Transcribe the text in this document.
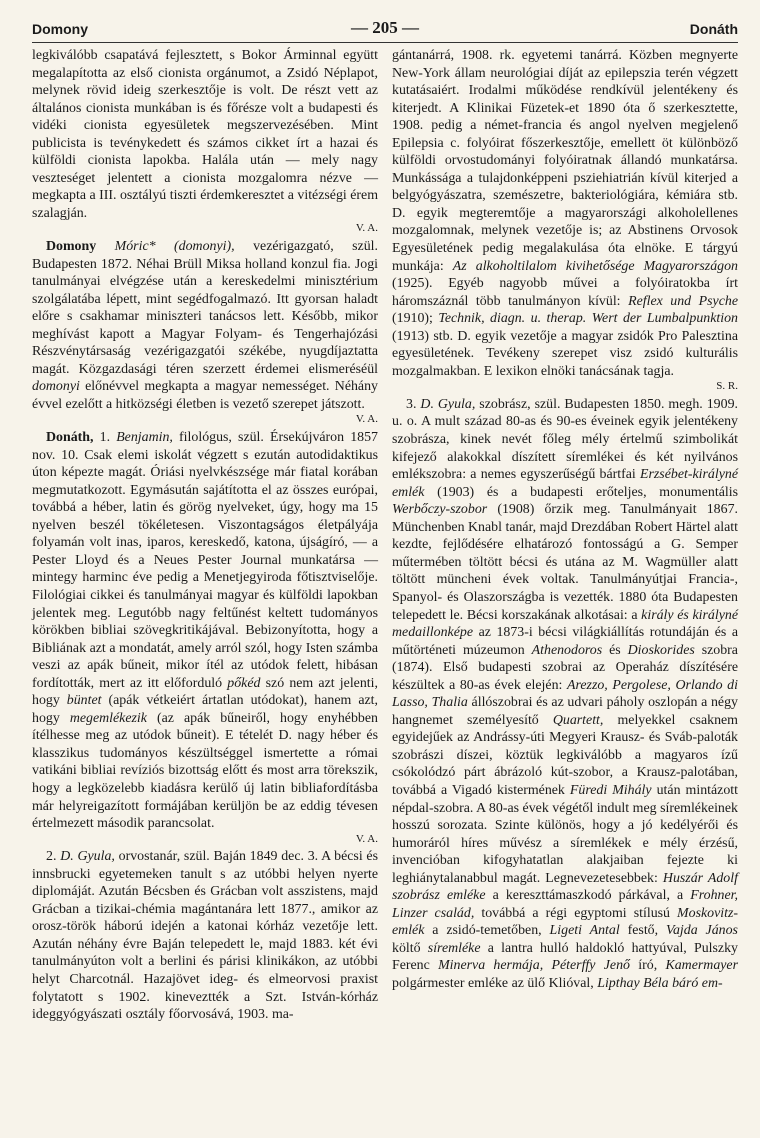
Domony	— 205 —	Donáth

legkiválóbb csapatává fejlesztett, s Bokor Árminnal együtt megalapította az első cionista orgánumot, a Zsidó Néplapot, melynek rövid ideig szerkesztője is volt. De részt vett az általános cionista munkában is és főrésze volt a budapesti és vidéki cionista egyesületek megszervezésében. Mint publicista is tevénykedett és számos cikket írt a hazai és külföldi cionista lapokba. Halála után — mely nagy veszteséget jelentett a cionista mozgalomra nézve — megkapta a III. osztályú tiszti érdemkeresztet a vitézségi érem szalagján.
V. A.

Domony Móric* (domonyi), vezérigazgató, szül. Budapesten 1872. Néhai Brüll Miksa holland konzul fia. Jogi tanulmányai elvégzése után a kereskedelmi minisztérium szolgálatába lépett, mint segédfogalmazó. Itt gyorsan haladt előre s csakhamar miniszteri tanácsos lett. Később, mikor meghívást kapott a Magyar Folyam- és Tengerhajózási Részvénytársaság vezérigazgatói székébe, nyugdíjaztatta magát. Közgazdasági téren szerzett érdemei elismeréséül domonyi előnévvel megkapta a magyar nemességet. Néhány évvel ezelőtt a hitközségi életben is vezető szerepet játszott.
V. A.

Donáth, 1. Benjamin, filológus, szül. Érsekújváron 1857 nov. 10. Csak elemi iskolát végzett s ezután autodidaktikus úton képezte magát. Óriási nyelvkészsége már fiatal korában megmutatkozott. Egymásután sajátította el az összes európai, továbbá a héber, latin és görög nyelveket, úgy, hogy ma 15 nyelven beszél tökéletesen. Viszontagságos életpályája folyamán volt inas, iparos, kereskedő, katona, újságíró, — a Pester Lloyd és a Neues Pester Journal munkatársa — mintegy harminc éve pedig a Menetjegyiroda főtisztviselője. Filológiai cikkei és tanulmányai magyar és külföldi lapokban jelentek meg. Legutóbb nagy feltűnést keltett tudományos körökben bibliai szövegkritikájával. Bebizonyította, hogy a Bibliának azt a mondatát, amely arról szól, hogy Isten számba veszi az apák bűneit, mikor ítél az utódok felett, hibásan fordították, mert az itt előforduló pőkéd szó nem azt jelenti, hogy büntet (apák vétkeiért ártatlan utódokat), hanem azt, hogy megemlékezik (az apák bűneiről, hogy enyhébben ítélhesse meg az utódok bűneit). E tételét D. nagy héber és klasszikus tudományos készültséggel ismertette a római vatikáni bibliai revíziós bizottság előtt és most arra törekszik, hogy a legközelebb kiadásra kerülő új latin bibliafordításba már helyreigazított formájában kerüljön be az eddig tévesen értelmezett második parancsolat.
V. A.

2. D. Gyula, orvostanár, szül. Baján 1849 dec. 3. A bécsi és innsbrucki egyetemeken tanult s az utóbbi helyen nyerte diplomáját. Azután Bécsben és Grácban volt asszistens, majd Grácban a tizikai-chémia magántanára lett 1877., amikor az orosz-török háború idején a katonai kórház vezetője lett. Azután néhány évre Baján telepedett le, majd 1883. két évi tanulmányúton volt a berlini és párisi klinikákon, az utóbbi helyt Charcotnál. Hazajövet ideg- és elmeorvosi praxist folytatott s 1902. kineveztték a Szt. István-kórház ideggyógyászati osztály főorvosává, 1903. ma-

gántanárrá, 1908. rk. egyetemi tanárrá. Közben megnyerte New-York állam neurológiai díját az epilepszia terén végzett kutatásaiért. Irodalmi működése rendkívül jelentékeny és kiterjedt. A Klinikai Füzetek-et 1890 óta ő szerkesztette, 1908. pedig a német-francia és angol nyelven megjelenő Epilepsia c. folyóirat főszerkesztője, emellett öt különböző külföldi orvostudományi folyóiratnak állandó munkatársa. Munkássága a tulajdonképpeni psziehiatrián kívül kiterjed a belgyógyászatra, szemészetre, bakteriológiára, kémiára stb. D. egyik megteremtője a magyarországi alkoholellenes mozgalomnak, melynek vezetője is; az Abstinens Orvosok Egyesületének pedig megalakulása óta elnöke. E tárgyú munkája: Az alkoholtilalom kivihetősége Magyarországon (1925). Egyéb nagyobb művei a folyóiratokba írt háromszáznál több tanulmányon kívül: Reflex und Psyche (1910); Technik, diagn. u. therap. Wert der Lumbalpunktion (1913) stb. D. egyik vezetője a magyar zsidók Pro Palesztina egyesületének. Tevékeny szerepet visz zsidó kulturális mozgalmakban. E lexikon elnöki tanácsának tagja.
S. R.

3. D. Gyula, szobrász, szül. Budapesten 1850. megh. 1909. u. o. A mult század 80-as és 90-es éveinek egyik jelentékeny szobrásza, kinek nevét főleg mély értelmű szimbolikát kifejező alakokkal díszített síremlékei és két nyilvános emlékszobra: a nemes egyszerűségű bártfai Erzsébet-királyné emlék (1903) és a budapesti erőteljes, monumentális Werbőczy-szobor (1908) őrzik meg. Tanulmányait 1867. Münchenben Knabl tanár, majd Drezdában Robert Härtel alatt kezdte, fejlődésére elhatározó fontosságú a G. Semper műtermében töltött bécsi és utána az M. Wagmüller alatt töltött müncheni évek voltak. Tanulmányútjai Francia-, Spanyol- és Olaszországba is vezették. 1880 óta Budapesten telepedett le. Bécsi korszakának alkotásai: a király és királyné medaillonképe az 1873-i bécsi világkiállítás rotundáján és a műtörténeti múzeumon Athenodoros és Dioskorides szobra (1874). Első budapesti szobrai az Operaház díszítésére készültek a 80-as évek elején: Arezzo, Pergolese, Orlando di Lasso, Thalia állószobrai és az udvari páholy oszlopán a négy hangnemet személyesítő Quartett, melyekkel csaknem egyidejűek az Andrássy-úti Megyeri Krausz- és Sváb-paloták szobrászi díszei, köztük legkiválóbb a magyaros ízű csókolódzó párt ábrázoló kút-szobor, a Krausz-palotában, továbbá a Vigadó kistermének Füredi Mihály után mintázott népdal-szobra. A 80-as évek végétől indult meg síremlékeinek hosszú sorozata. Szinte különös, hogy a jó kedélyérői és humoráról híres művész a síremlékek e mély érzésű, invencióban kifogyhatatlan alakjaiban fejezte ki leghiánytalanabbul magát. Legnevezetesebbek: Huszár Adolf szobrász emléke a kereszttámaszkodó párkával, a Frohner, Linzer család, továbbá a régi egyptomi stílusú Moskovitz-emlék a zsidó-temetőben, Ligeti Antal festő, Vajda János költő síremléke a lantra hulló haldokló hattyúval, Pulszky Ferenc Minerva hermája, Péterffy Jenő író, Kamermayer polgármester emléke az ülő Klióval, Lipthay Béla báró em-
